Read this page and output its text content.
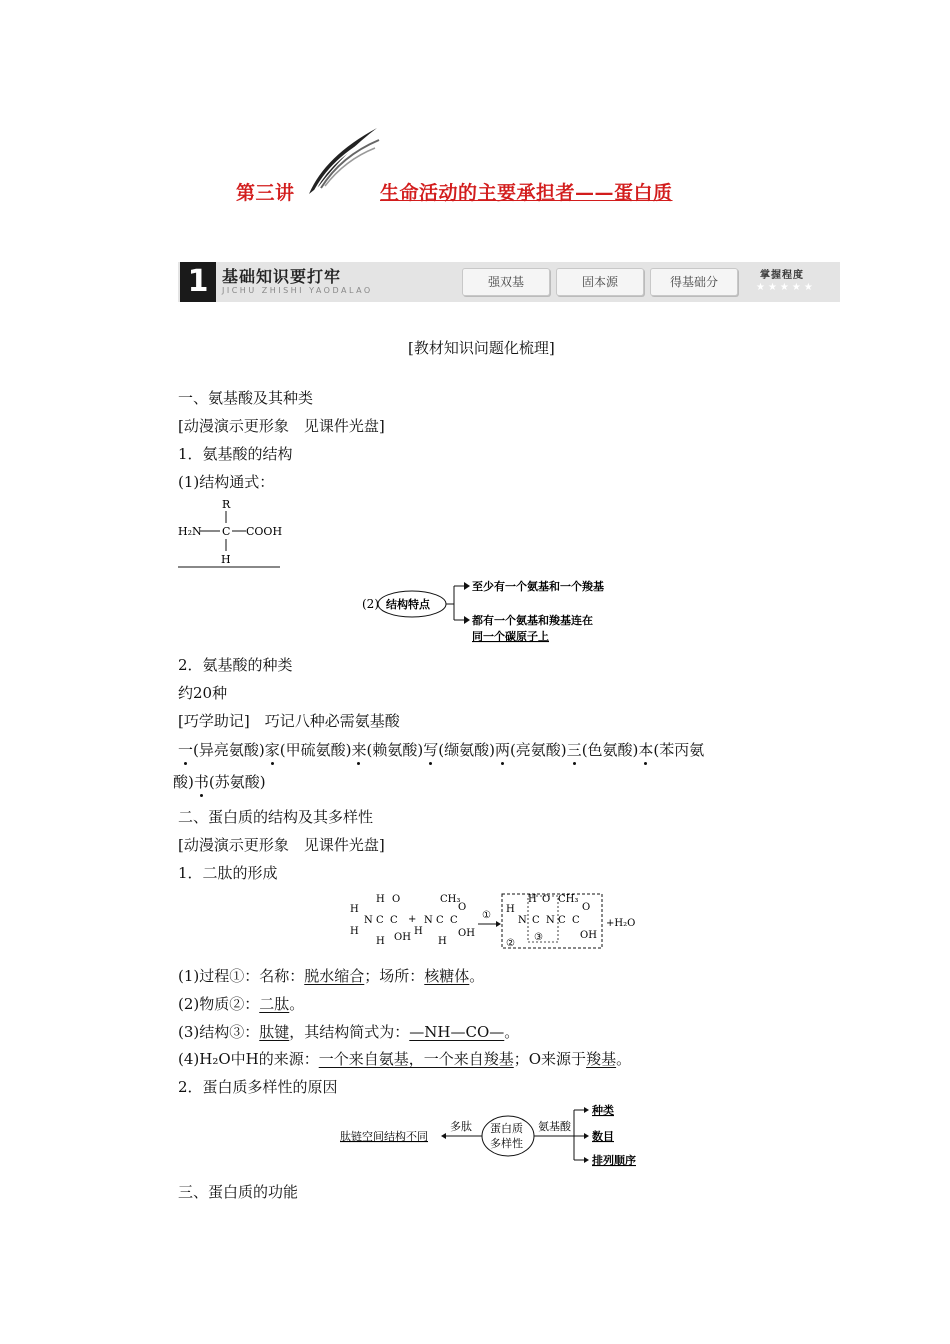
第三讲	生命活动的主要承担者——蛋白质
1 基础知识要打牢
JICHU ZHISHI YAODALAO
强双基	固本源	得基础分	掌握程度
★★★★★
[教材知识问题化梳理]
一、氨基酸及其种类
[动漫演示更形象　见课件光盘]
1．氨基酸的结构
(1)结构通式：
R
H₂N C COOH
H
(2) 结构特点
至少有一个氨基和一个羧基
都有一个氨基和羧基连在
同一个碳原子上
2．氨基酸的种类
约20种
[巧学助记]　巧记八种必需氨基酸
一(异亮氨酸)家(甲硫氨酸)来(赖氨酸)写(缬氨酸)两(亮氨酸)三(色氨酸)本(苯丙氨
酸)书(苏氨酸)
二、蛋白质的结构及其多样性
[动漫演示更形象　见课件光盘]
1．二肽的形成
H
H
N
H
C
H
C
O
OH
+
H
N C
CH₃
H
C
O
OH
①
H
N
H
C
O
N C
CH₃
C
O
OH
②
③
+H₂O
(1)过程①：名称：脱水缩合；场所：核糖体。
(2)物质②：二肽。
(3)结构③：肽键，其结构简式为：—NH—CO—。
(4)H₂O中H的来源：一个来自氨基，一个来自羧基；O来源于羧基。
2．蛋白质多样性的原因
肽链空间结构不同
多肽 蛋白质
多样性
氨基酸
种类
数目
排列顺序
三、蛋白质的功能
